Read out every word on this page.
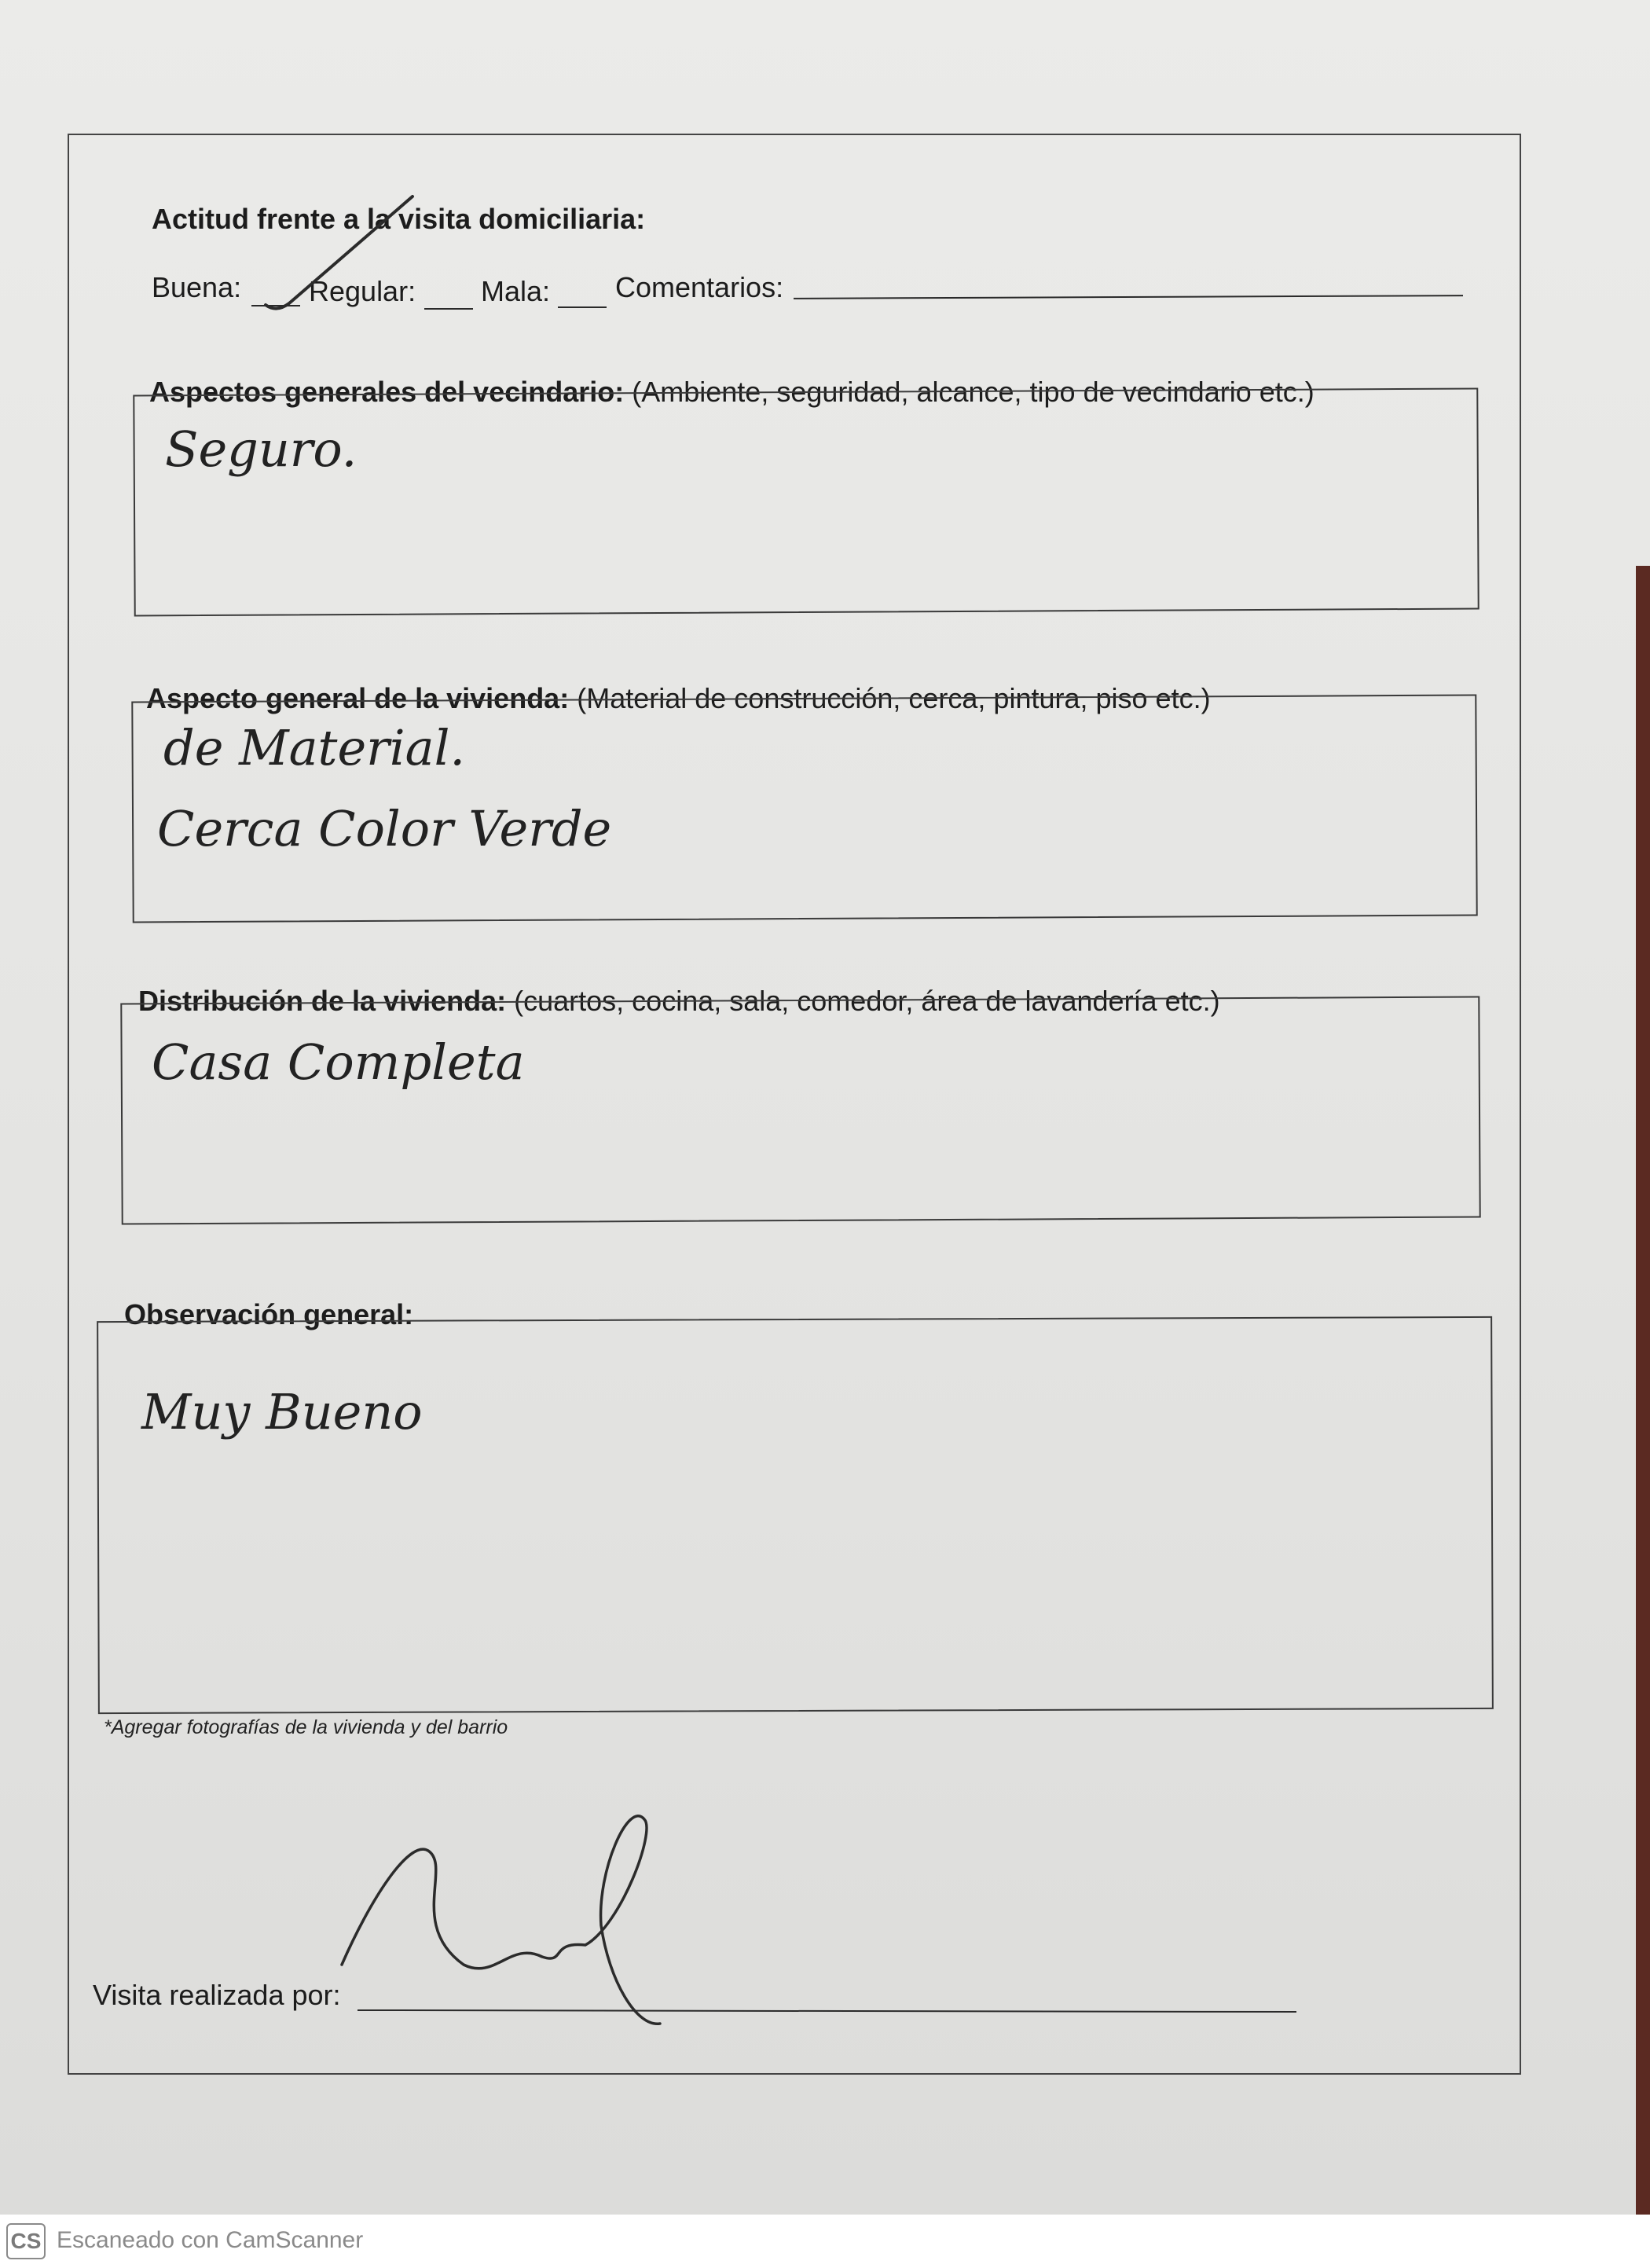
Actitud frente a la visita domiciliaria:
Buena: Regular: Mala: Comentarios:
Aspectos generales del vecindario: (Ambiente, seguridad, alcance, tipo de vecindario etc.)
Seguro.
Aspecto general de la vivienda: (Material de construcción, cerca, pintura, piso etc.)
de Material.
Cerca Color Verde
Distribución de la vivienda: (cuartos, cocina, sala, comedor, área de lavandería etc.)
Casa Completa
Observación general:
Muy Bueno
*Agregar fotografías de la vivienda y del barrio
Visita realizada por:
CS Escaneado con CamScanner
